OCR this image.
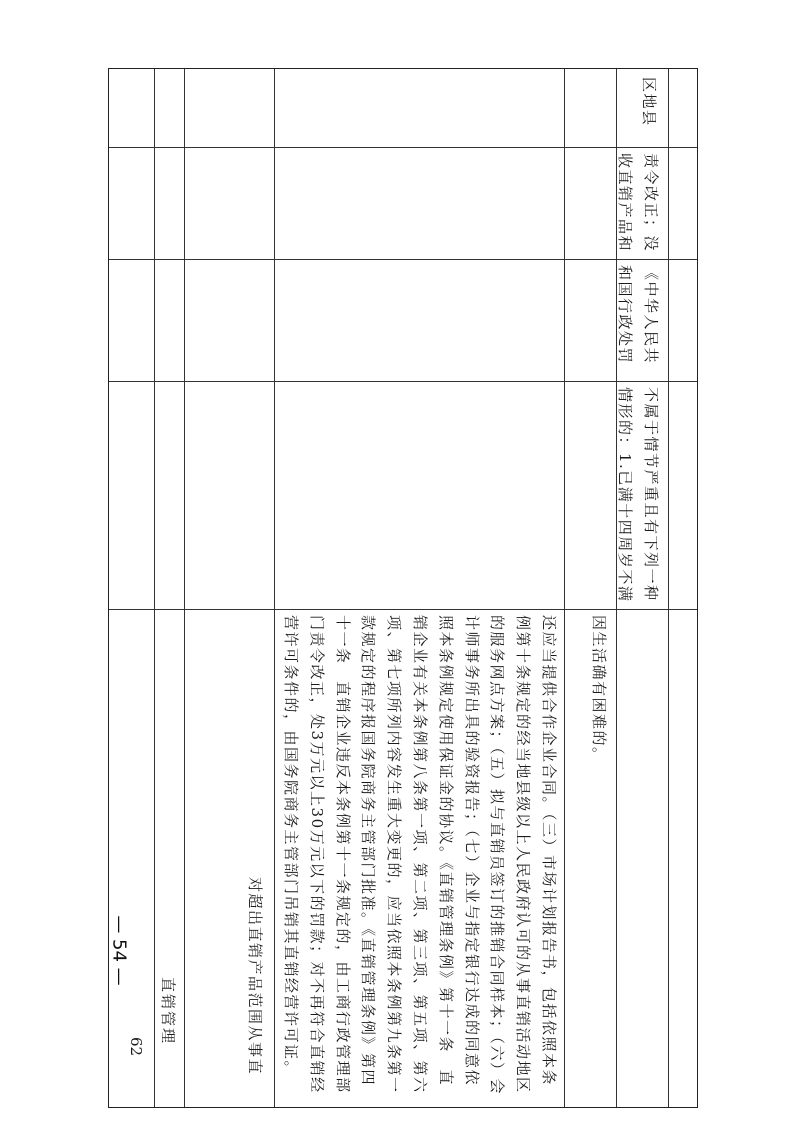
区地县
责令改正；没收直销产品和
《中华人民共和国行政处罚
不属于情节严重且有下列一种情形的：1.已满十四周岁不满
因生活确有困难的。
还应当提供合作企业合同。（三）市场计划报告书，包括依照本条例第十条规定的经当地县级以上人民政府认可的从事直销活动地区的服务网点方案；（五）拟与直销员签订的推销合同样本；（六）会计师事务所出具的验资报告；（七）企业与指定银行达成的同意依照本条例规定使用保证金的协议。《直销管理条例》第十一条　直销企业有关本条例第八条第一项、第二项、第三项、第五项、第六项、第七项所列内容发生重大变更的，应当依照本条例第九条第一款规定的程序报国务院商务主管部门批准。《直销管理条例》第四十一条　直销企业违反本条例第十一条规定的，由工商行政管理部门责令改正，处3万元以上30万元以下的罚款；对不再符合直销经营许可条件的，由国务院商务主管部门吊销其直销经营许可证。　
对超出直销产品范围从事直
直销管理
62
— 54 —
